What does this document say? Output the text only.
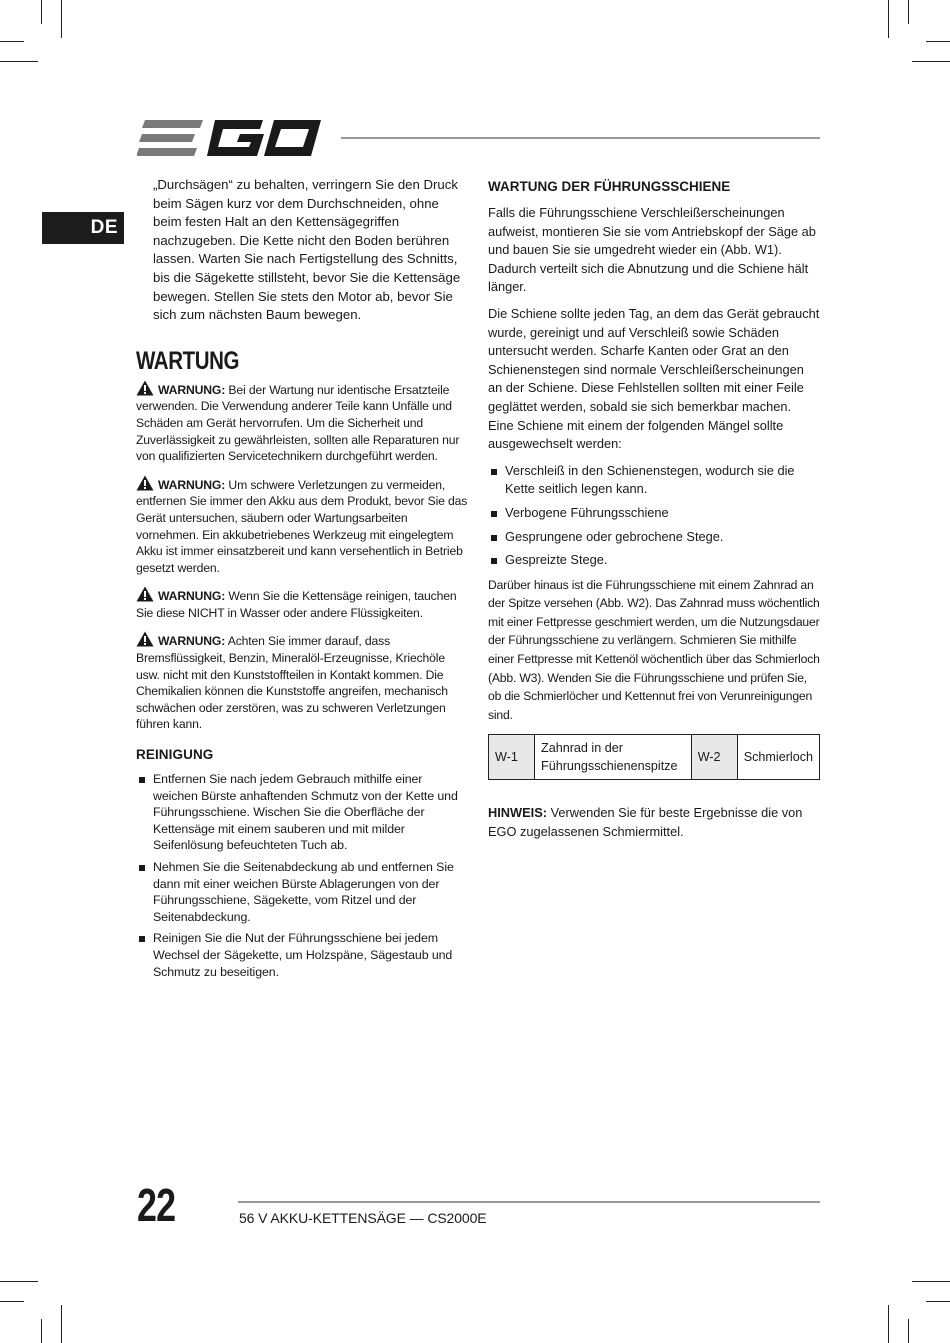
DE

„Durchsägen“ zu behalten, verringern Sie den Druck beim Sägen kurz vor dem Durchschneiden, ohne beim festen Halt an den Kettensägegriffen nachzugeben. Die Kette nicht den Boden berühren lassen. Warten Sie nach Fertigstellung des Schnitts, bis die Sägekette stillsteht, bevor Sie die Kettensäge bewegen. Stellen Sie stets den Motor ab, bevor Sie sich zum nächsten Baum bewegen.

WARTUNG

WARNUNG: Bei der Wartung nur identische Ersatzteile verwenden. Die Verwendung anderer Teile kann Unfälle und Schäden am Gerät hervorrufen. Um die Sicherheit und Zuverlässigkeit zu gewährleisten, sollten alle Reparaturen nur von qualifizierten Servicetechnikern durchgeführt werden.

WARNUNG: Um schwere Verletzungen zu vermeiden, entfernen Sie immer den Akku aus dem Produkt, bevor Sie das Gerät untersuchen, säubern oder Wartungsarbeiten vornehmen. Ein akkubetriebenes Werkzeug mit eingelegtem Akku ist immer einsatzbereit und kann versehentlich in Betrieb gesetzt werden.

WARNUNG: Wenn Sie die Kettensäge reinigen, tauchen Sie diese NICHT in Wasser oder andere Flüssigkeiten.

WARNUNG: Achten Sie immer darauf, dass Bremsflüssigkeit, Benzin, Mineralöl-Erzeugnisse, Kriechöle usw. nicht mit den Kunststoffteilen in Kontakt kommen. Die Chemikalien können die Kunststoffe angreifen, mechanisch schwächen oder zerstören, was zu schweren Verletzungen führen kann.

REINIGUNG
Entfernen Sie nach jedem Gebrauch mithilfe einer weichen Bürste anhaftenden Schmutz von der Kette und Führungsschiene. Wischen Sie die Oberfläche der Kettensäge mit einem sauberen und mit milder Seifenlösung befeuchteten Tuch ab.
Nehmen Sie die Seitenabdeckung ab und entfernen Sie dann mit einer weichen Bürste Ablagerungen von der Führungsschiene, Sägekette, vom Ritzel und der Seitenabdeckung.
Reinigen Sie die Nut der Führungsschiene bei jedem Wechsel der Sägekette, um Holzspäne, Sägestaub und Schmutz zu beseitigen.
WARTUNG DER FÜHRUNGSSCHIENE

Falls die Führungsschiene Verschleißerscheinungen aufweist, montieren Sie sie vom Antriebskopf der Säge ab und bauen Sie sie umgedreht wieder ein (Abb. W1). Dadurch verteilt sich die Abnutzung und die Schiene hält länger.

Die Schiene sollte jeden Tag, an dem das Gerät gebraucht wurde, gereinigt und auf Verschleiß sowie Schäden untersucht werden. Scharfe Kanten oder Grat an den Schienenstegen sind normale Verschleißerscheinungen an der Schiene. Diese Fehlstellen sollten mit einer Feile geglättet werden, sobald sie sich bemerkbar machen. Eine Schiene mit einem der folgenden Mängel sollte ausgewechselt werden:

Verschleiß in den Schienenstegen, wodurch sie die Kette seitlich legen kann.
Verbogene Führungsschiene
Gesprungene oder gebrochene Stege.
Gespreizte Stege.

Darüber hinaus ist die Führungsschiene mit einem Zahnrad an der Spitze versehen (Abb. W2). Das Zahnrad muss wöchentlich mit einer Fettpresse geschmiert werden, um die Nutzungsdauer der Führungsschiene zu verlängern. Schmieren Sie mithilfe einer Fettpresse mit Kettenöl wöchentlich über das Schmierloch (Abb. W3). Wenden Sie die Führungsschiene und prüfen Sie, ob die Schmierlöcher und Kettennut frei von Verunreinigungen sind.

W-1	Zahnrad in der Führungsschienenspitze	W-2	Schmierloch

HINWEIS: Verwenden Sie für beste Ergebnisse die von EGO zugelassenen Schmiermittel.

22	56 V AKKU-KETTENSÄGE — CS2000E
